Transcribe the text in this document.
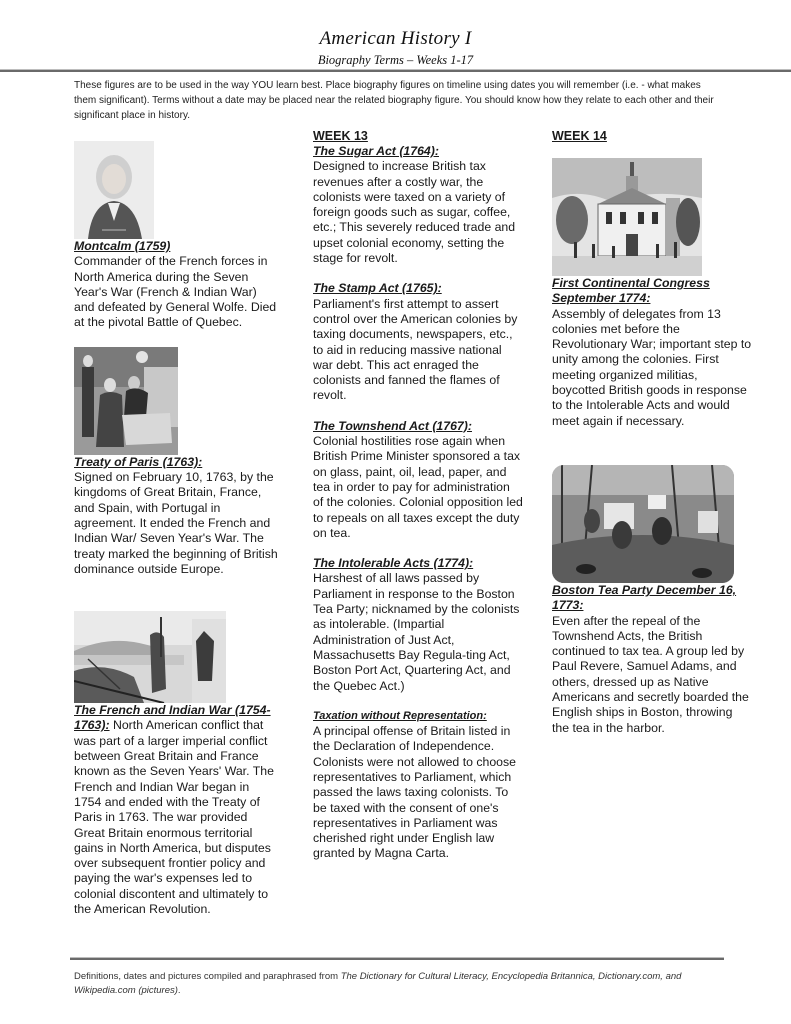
American History I
Biography Terms – Weeks 1-17
These figures are to be used in the way YOU learn best. Place biography figures on timeline using dates you will remember (i.e. - what makes them significant). Terms without a date may be placed near the related biography figure. You should know how they relate to each other and their significant place in history.
Montcalm (1759)
Commander of the French forces in North America during the Seven Year's War (French & Indian War) and defeated by General Wolfe. Died at the pivotal Battle of Quebec.
Treaty of Paris (1763):
Signed on February 10, 1763, by the kingdoms of Great Britain, France, and Spain, with Portugal in agreement. It ended the French and Indian War/ Seven Year's War. The treaty marked the beginning of British dominance outside Europe.
The French and Indian War (1754-1763): North American conflict that was part of a larger imperial conflict between Great Britain and France known as the Seven Years' War. The French and Indian War began in 1754 and ended with the Treaty of Paris in 1763. The war provided Great Britain enormous territorial gains in North America, but disputes over subsequent frontier policy and paying the war's expenses led to colonial discontent and ultimately to the American Revolution.
WEEK 13
The Sugar Act (1764):
Designed to increase British tax revenues after a costly war, the colonists were taxed on a variety of foreign goods such as sugar, coffee, etc.; This severely reduced trade and upset colonial economy, setting the stage for revolt.
The Stamp Act (1765):
Parliament's first attempt to assert control over the American colonies by taxing documents, newspapers, etc., to aid in reducing massive national war debt. This act enraged the colonists and fanned the flames of revolt.
The Townshend Act (1767):
Colonial hostilities rose again when British Prime Minister sponsored a tax on glass, paint, oil, lead, paper, and tea in order to pay for administration of the colonies. Colonial opposition led to repeals on all taxes except the duty on tea.
The Intolerable Acts (1774):
Harshest of all laws passed by Parliament in response to the Boston Tea Party; nicknamed by the colonists as intolerable. (Impartial Administration of Just Act, Massachusetts Bay Regula-ting Act, Boston Port Act, Quartering Act, and the Quebec Act.)
Taxation without Representation:
A principal offense of Britain listed in the Declaration of Independence. Colonists were not allowed to choose representatives to Parliament, which passed the laws taxing colonists. To be taxed with the consent of one's representatives in Parliament was cherished right under English law granted by Magna Carta.
WEEK 14
First Continental Congress September 1774:
Assembly of delegates from 13 colonies met before the Revolutionary War; important step to unity among the colonies. First meeting organized militias, boycotted British goods in response to the Intolerable Acts and would meet again if necessary.
Boston Tea Party December 16, 1773:
Even after the repeal of the Townshend Acts, the British continued to tax tea. A group led by Paul Revere, Samuel Adams, and others, dressed up as Native Americans and secretly boarded the English ships in Boston, throwing the tea in the harbor.
Definitions, dates and pictures compiled and paraphrased from The Dictionary for Cultural Literacy, Encyclopedia Britannica, Dictionary.com, and Wikipedia.com (pictures).
